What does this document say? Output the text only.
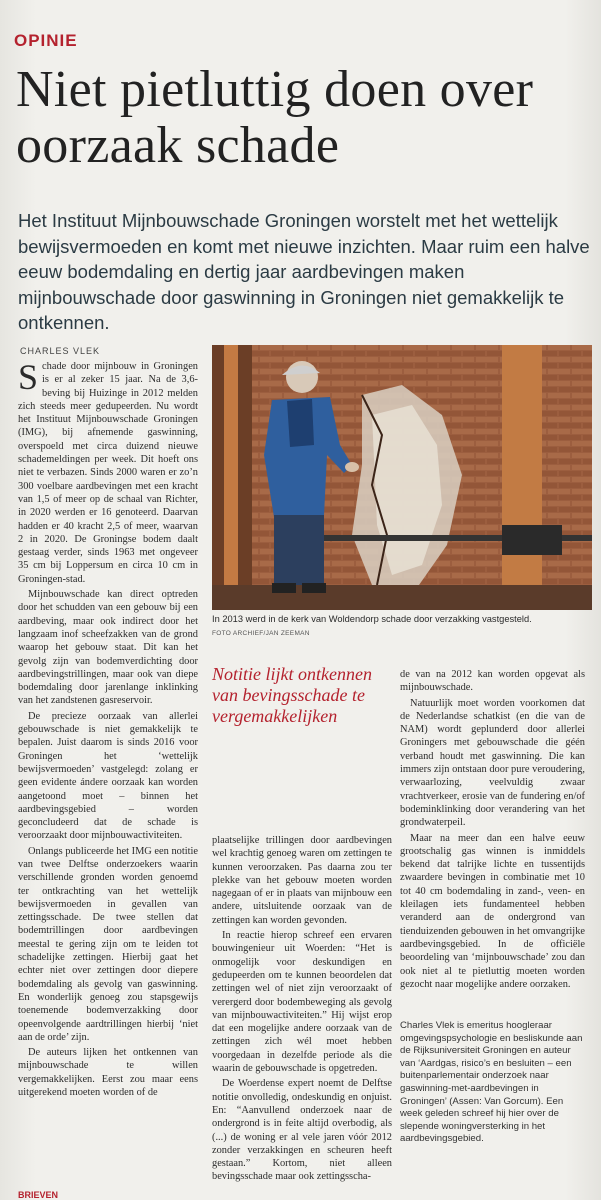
OPINIE
Niet pietluttig doen over oorzaak schade
Het Instituut Mijnbouwschade Groningen worstelt met het wettelijk bewijsvermoeden en komt met nieuwe inzichten. Maar ruim een halve eeuw bodemdaling en dertig jaar aardbevingen maken mijnbouwschade door gaswinning in Groningen niet gemakkelijk te ontkennen.
CHARLES VLEK

Schade door mijnbouw in Groningen is er al zeker 15 jaar. Na de 3,6-beving bij Huizinge in 2012 melden zich steeds meer gedupeerden. Nu wordt het Instituut Mijnbouwschade Groningen (IMG), bij afnemende gaswinning, overspoeld met circa duizend nieuwe schademeldingen per week. Dit hoeft ons niet te verbazen. Sinds 2000 waren er zo’n 300 voelbare aardbevingen met een kracht van 1,5 of meer op de schaal van Richter, in 2020 werden er 16 genoteerd. Daarvan hadden er 40 kracht 2,5 of meer, waarvan 2 in 2020. De Groningse bodem daalt gestaag verder, sinds 1963 met ongeveer 35 cm bij Loppersum en circa 10 cm in Groningen-stad.

Mijnbouwschade kan direct optreden door het schudden van een gebouw bij een aardbeving, maar ook indirect door het langzaam inof scheefzakken van de grond waarop het gebouw staat. Dit kan het gevolg zijn van bodemverdichting door aardbevingstrillingen, maar ook van diepe bodemdaling door jarenlange inklinking van het zandstenen gasreservoir.

De precieze oorzaak van allerlei gebouwschade is niet gemakkelijk te bepalen. Juist daarom is sinds 2016 voor Groningen het ‘wettelijk bewijsvermoeden’ vastgelegd: zolang er geen evidente ándere oorzaak kan worden aangetoond moet – binnen het aardbevingsgebied – worden geconcludeerd dat de schade is veroorzaakt door mijnbouwactiviteiten.

Onlangs publiceerde het IMG een notitie van twee Delftse onderzoekers waarin verschillende gronden worden genoemd ter ontkrachting van het wettelijk bewijsvermoeden in gevallen van zettingsschade. De twee stellen dat bodemtrillingen door aardbevingen meestal te gering zijn om te leiden tot schadelijke zettingen. Hierbij gaat het echter niet over zettingen door diepere bodemdaling als gevolg van gaswinning. En wonderlijk genoeg zou stapsgewijs toenemende bodemverzakking door opeenvolgende aardtrillingen hierbij ‘niet aan de orde’ zijn.

De auteurs lijken het ontkennen van mijnbouwschade te willen vergemakkelijken. Eerst zou maar eens uitgerekend moeten worden of de

In 2013 werd in de kerk van Woldendorp schade door verzakking vastgesteld.
FOTO ARCHIEF/JAN ZEEMAN
Notitie lijkt ontkennen van bevingsschade te vergemakkelijken

plaatselijke trillingen door aardbevingen wel krachtig genoeg waren om zettingen te kunnen veroorzaken. Pas daarna zou ter plekke van het gebouw moeten worden nagegaan of er in plaats van mijnbouw een andere, uitsluitende oorzaak van de zettingen kan worden gevonden.

In reactie hierop schreef een ervaren bouwingenieur uit Woerden: “Het is onmogelijk voor deskundigen en gedupeerden om te kunnen beoordelen dat zettingen wel of niet zijn veroorzaakt of verergerd door bodembeweging als gevolg van mijnbouwactiviteiten.” Hij wijst erop dat een mogelijke andere oorzaak van de zettingen zich wél moet hebben voorgedaan in dezelfde periode als die waarin de gebouwschade is opgetreden.

De Woerdense expert noemt de Delftse notitie onvolledig, ondeskundig en onjuist. En: “Aanvullend onderzoek naar de ondergrond is in feite altijd overbodig, als (...) de woning er al vele jaren vóór 2012 zonder verzakkingen en scheuren heeft gestaan.” Kortom, niet alleen bevingsschade maar ook zettingsscha-

de van na 2012 kan worden opgevat als mijnbouwschade.

Natuurlijk moet worden voorkomen dat de Nederlandse schatkist (en die van de NAM) wordt geplunderd door allerlei Groningers met gebouwschade die géén verband houdt met gaswinning. Die kan immers zijn ontstaan door pure veroudering, verwaarlozing, veelvuldig zwaar vrachtverkeer, erosie van de fundering en/of bodeminklinking door verandering van het grondwaterpeil.

Maar na meer dan een halve eeuw grootschalig gas winnen is inmiddels bekend dat talrijke lichte en tussentijds zwaardere bevingen in combinatie met 10 tot 40 cm bodemdaling in zand-, veen- en kleilagen iets fundamenteel hebben veranderd aan de ondergrond van tienduizenden gebouwen in het omvangrijke aardbevingsgebied. In de officiële beoordeling van ‘mijnbouwschade’ zou dan ook niet al te pietluttig moeten worden gezocht naar mogelijke andere oorzaken.

Charles Vlek is emeritus hoogleraar omgevingspsychologie en besliskunde aan de Rijksuniversiteit Groningen en auteur van ‘Aardgas, risico’s en besluiten – een buitenparlementair onderzoek naar gaswinning-met-aardbevingen in Groningen’ (Assen: Van Gorcum). Een week geleden schreef hij hier over de slepende woningversterking in het aardbevingsgebied.
BRIEVEN
